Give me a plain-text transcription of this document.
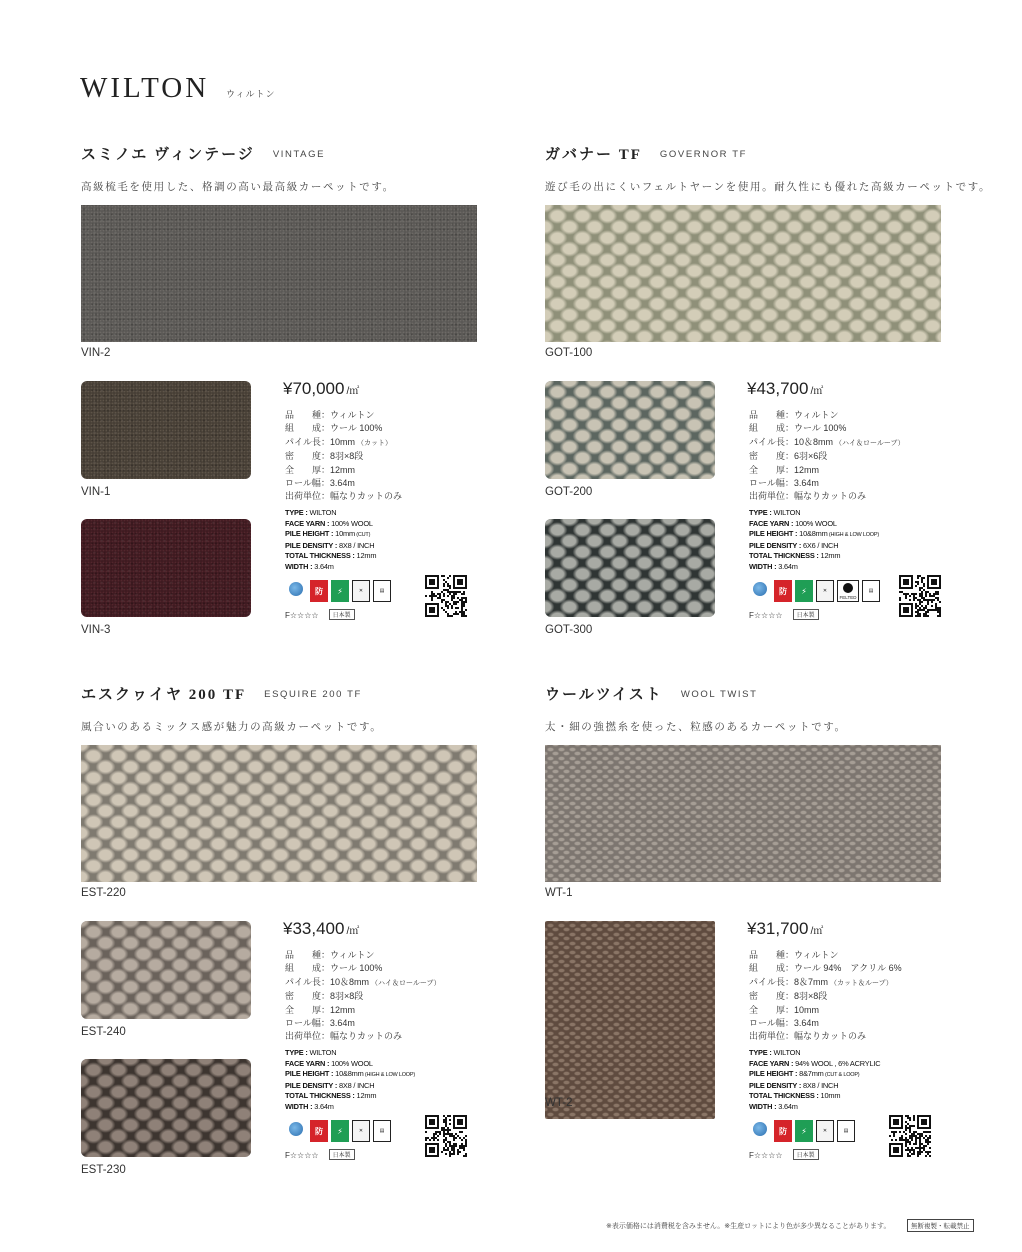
WILTON ウィルトン
スミノエ ヴィンテージ VINTAGE
高級梳毛を使用した、格調の高い最高級カーペットです。
VIN-2
VIN-1
VIN-3
¥70,000 /㎡
品　　種：ウィルトン
組　　成：ウール 100%
パイル長：10mm （カット）
密　　度：8羽×8段
全　　厚：12mm
ロール幅：3.64m
出荷単位：幅なりカットのみ
TYPE : WILTON
FACE YARN : 100% WOOL
PILE HEIGHT : 10mm (CUT)
PILE DENSITY : 8X8 / INCH
TOTAL THICKNESS : 12mm
WIDTH : 3.64m
防	⚡	✕	▤
F☆☆☆☆ 日本製
ガバナー TF GOVERNOR TF
遊び毛の出にくいフェルトヤーンを使用。耐久性にも優れた高級カーペットです。
GOT-100
GOT-200
GOT-300
¥43,700 /㎡
品　　種：ウィルトン
組　　成：ウール 100%
パイル長：10＆8mm （ハイ＆ロールーブ）
密　　度：6羽×6段
全　　厚：12mm
ロール幅：3.64m
出荷単位：幅なりカットのみ
TYPE : WILTON
FACE YARN : 100% WOOL
PILE HEIGHT : 10&8mm (HIGH & LOW LOOP)
PILE DENSITY : 6X6 / INCH
TOTAL THICKNESS : 12mm
WIDTH : 3.64m
防	⚡	✕
FELTED
▤
F☆☆☆☆ 日本製
エスクヮイヤ 200 TF ESQUIRE 200 TF
風合いのあるミックス感が魅力の高級カーペットです。
EST-220
EST-240
EST-230
¥33,400 /㎡
品　　種：ウィルトン
組　　成：ウール 100%
パイル長：10＆8mm （ハイ＆ロールーブ）
密　　度：8羽×8段
全　　厚：12mm
ロール幅：3.64m
出荷単位：幅なりカットのみ
TYPE : WILTON
FACE YARN : 100% WOOL
PILE HEIGHT : 10&8mm (HIGH & LOW LOOP)
PILE DENSITY : 8X8 / INCH
TOTAL THICKNESS : 12mm
WIDTH : 3.64m
防	⚡	✕	▤
F☆☆☆☆ 日本製
ウールツイスト WOOL TWIST
太・細の強撚糸を使った、粒感のあるカーペットです。
WT-1
WT-2
¥31,700 /㎡
品　　種：ウィルトン
組　　成：ウール 94%　アクリル 6%
パイル長：8＆7mm （カット＆ループ）
密　　度：8羽×8段
全　　厚：10mm
ロール幅：3.64m
出荷単位：幅なりカットのみ
TYPE : WILTON
FACE YARN : 94% WOOL , 6% ACRYLIC
PILE HEIGHT : 8&7mm (CUT & LOOP)
PILE DENSITY : 8X8 / INCH
TOTAL THICKNESS : 10mm
WIDTH : 3.64m
防	⚡	✕	▤
F☆☆☆☆ 日本製
※表示価格には消費税を含みません。※生産ロットにより色が多少異なることがあります。	無断複製・転載禁止
